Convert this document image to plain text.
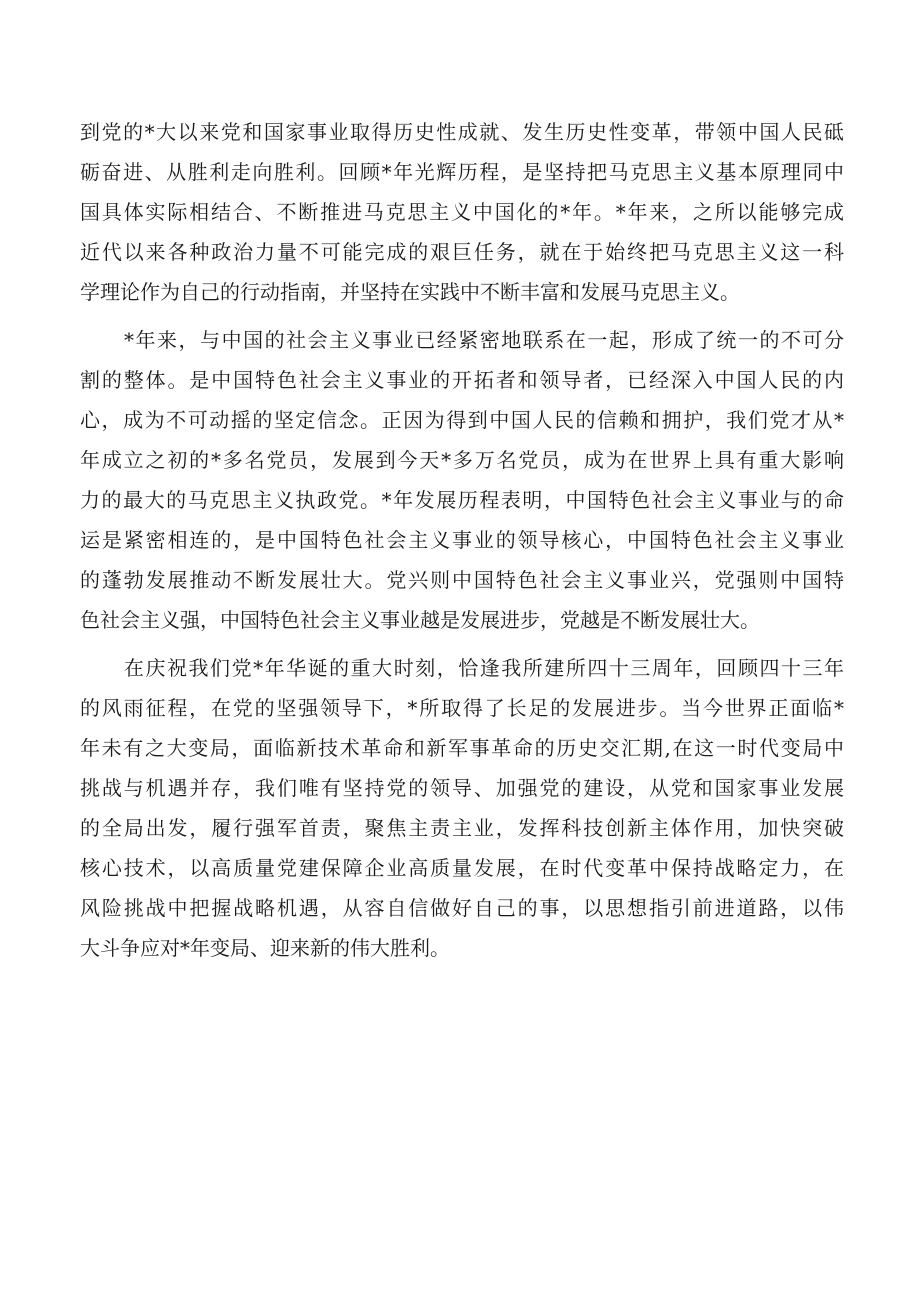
到党的*大以来党和国家事业取得历史性成就、发生历史性变革，带领中国人民砥
砺奋进、从胜利走向胜利。回顾*年光辉历程，是坚持把马克思主义基本原理同中
国具体实际相结合、不断推进马克思主义中国化的*年。*年来，之所以能够完成
近代以来各种政治力量不可能完成的艰巨任务，就在于始终把马克思主义这一科
学理论作为自己的行动指南，并坚持在实践中不断丰富和发展马克思主义。
*年来，与中国的社会主义事业已经紧密地联系在一起，形成了统一的不可分
割的整体。是中国特色社会主义事业的开拓者和领导者，已经深入中国人民的内
心，成为不可动摇的坚定信念。正因为得到中国人民的信赖和拥护，我们党才从*
年成立之初的*多名党员，发展到今天*多万名党员，成为在世界上具有重大影响
力的最大的马克思主义执政党。*年发展历程表明，中国特色社会主义事业与的命
运是紧密相连的，是中国特色社会主义事业的领导核心，中国特色社会主义事业
的蓬勃发展推动不断发展壮大。党兴则中国特色社会主义事业兴，党强则中国特
色社会主义强，中国特色社会主义事业越是发展进步，党越是不断发展壮大。
在庆祝我们党*年华诞的重大时刻，恰逢我所建所四十三周年，回顾四十三年
的风雨征程，在党的坚强领导下，*所取得了长足的发展进步。当今世界正面临*
年未有之大变局，面临新技术革命和新军事革命的历史交汇期,在这一时代变局中
挑战与机遇并存，我们唯有坚持党的领导、加强党的建设，从党和国家事业发展
的全局出发，履行强军首责，聚焦主责主业，发挥科技创新主体作用，加快突破
核心技术，以高质量党建保障企业高质量发展，在时代变革中保持战略定力，在
风险挑战中把握战略机遇，从容自信做好自己的事，以思想指引前进道路，以伟
大斗争应对*年变局、迎来新的伟大胜利。
